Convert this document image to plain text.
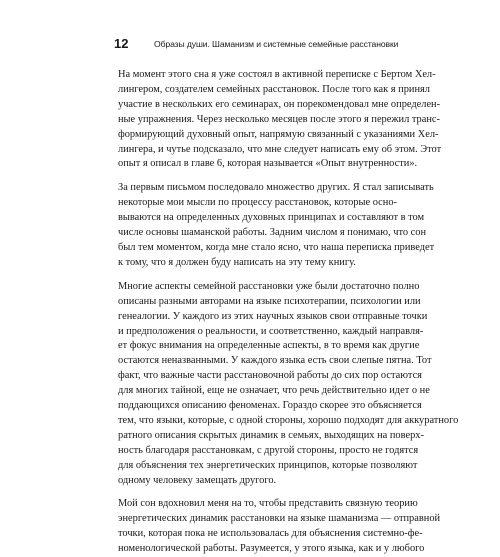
12	Образы души. Шаманизм и системные семейные расстановки

На момент этого сна я уже состоял в активной переписке с Бертом Хел-
лингером, создателем семейных расстановок. После того как я принял
участие в нескольких его семинарах, он порекомендовал мне определен-
ные упражнения. Через несколько месяцев после этого я пережил транс-
формирующий духовный опыт, напрямую связанный с указаниями Хел-
лингера, и чутье подсказало, что мне следует написать ему об этом. Этот
опыт я описал в главе 6, которая называется «Опыт внутренности».

За первым письмом последовало множество других. Я стал записывать
некоторые мои мысли по процессу расстановок, которые осно-
вываются на определенных духовных принципах и составляют в том
числе основы шаманской работы. Задним числом я понимаю, что сон
был тем моментом, когда мне стало ясно, что наша переписка приведет
к тому, что я должен буду написать на эту тему книгу.

Многие аспекты семейной расстановки уже были достаточно полно
описаны разными авторами на языке психотерапии, психологии или
генеалогии. У каждого из этих научных языков свои отправные точки
и предположения о реальности, и соответственно, каждый направля-
ет фокус внимания на определенные аспекты, в то время как другие
остаются неназванными. У каждого языка есть свои слепые пятна. Тот
факт, что важные части расстановочной работы до сих пор остаются
для многих тайной, еще не означает, что речь действительно идет о не
поддающихся описанию феноменах. Гораздо скорее это объясняется
тем, что языки, которые, с одной стороны, хорошо подходят для аккуратного
ратного описания скрытых динамик в семьях, выходящих на поверх-
ность благодаря расстановкам, с другой стороны, просто не годятся
для объяснения тех энергетических принципов, которые позволяют
одному человеку замещать другого.

Мой сон вдохновил меня на то, чтобы представить связную теорию
энергетических динамик расстановки на языке шаманизма — отправной
точки, которая пока не использовалась для объяснения системно-фе-
номенологической работы. Разумеется, у этого языка, как и у любого
